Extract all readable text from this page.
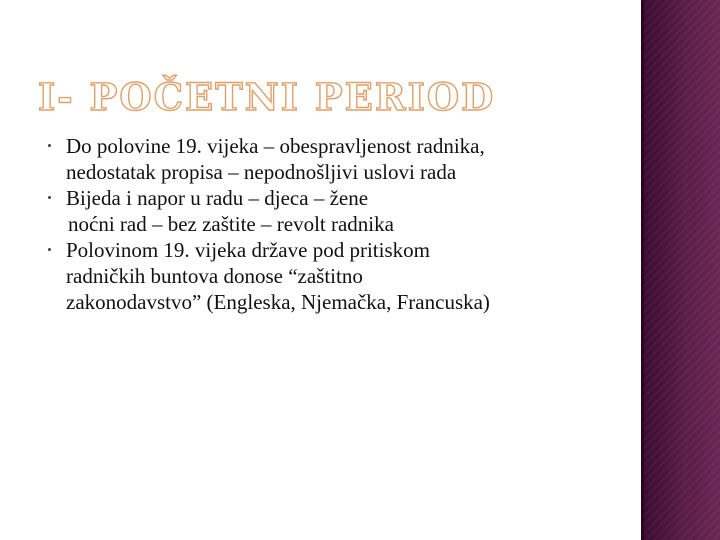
I- POČETNI PERIOD
Do polovine 19. vijeka – obespravljenost radnika,
nedostatak propisa – nepodnošljivi uslovi rada
Bijeda i napor u radu – djeca – žene
noćni rad – bez zaštite – revolt radnika
Polovinom 19. vijeka države pod pritiskom
radničkih buntova donose “zaštitno
zakonodavstvo” (Engleska, Njemačka, Francuska)
